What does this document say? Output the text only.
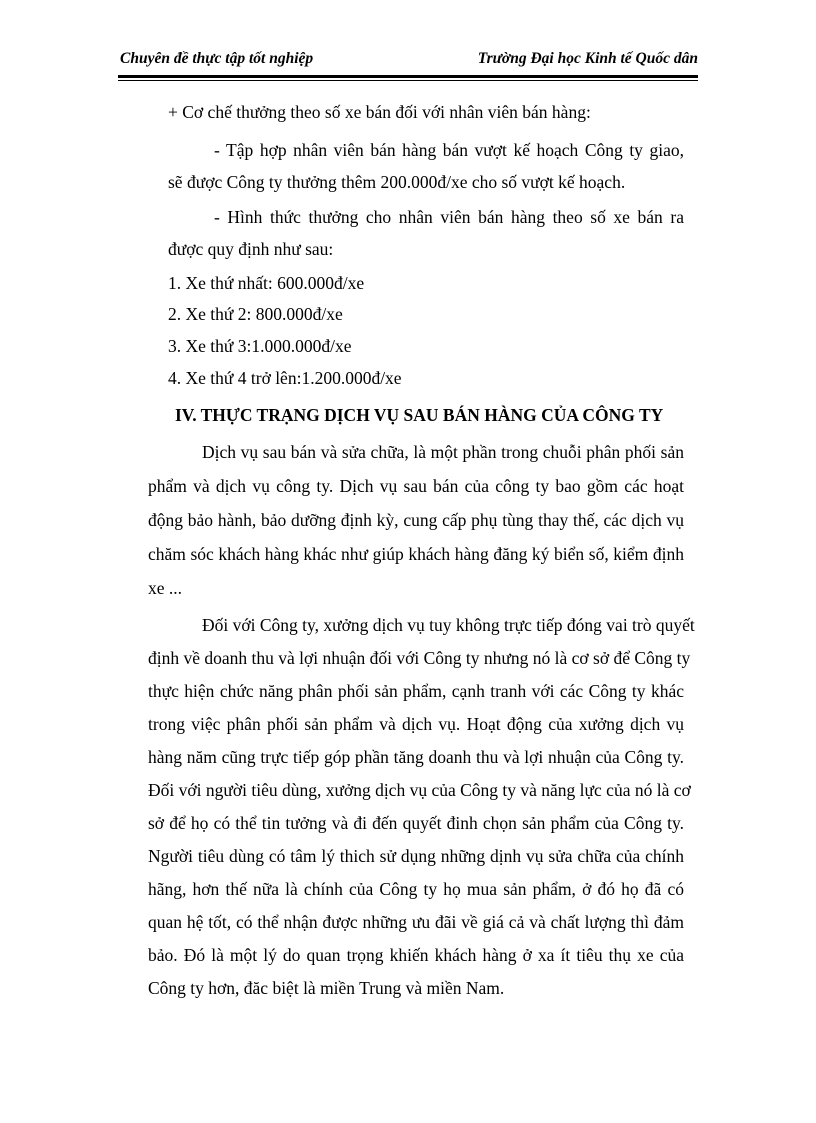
Chuyên đề thực tập tốt nghiệp	Trường Đại học Kinh tế Quốc dân
+ Cơ chế thưởng theo số xe bán đối với nhân viên bán hàng:
- Tập hợp nhân viên bán hàng bán vượt kế hoạch Công ty giao,
sẽ được Công ty thưởng thêm 200.000đ/xe cho số vượt kế hoạch.
- Hình thức thưởng cho nhân viên bán hàng theo số xe bán ra
được quy định như sau:
1. Xe thứ nhất: 600.000đ/xe
2. Xe thứ 2: 800.000đ/xe
3. Xe thứ 3:1.000.000đ/xe
4. Xe thứ 4 trở lên:1.200.000đ/xe
IV. THỰC TRẠNG DỊCH VỤ SAU BÁN HÀNG CỦA CÔNG TY
Dịch vụ sau bán và sửa chữa, là một phần trong chuỗi phân phối sản
phẩm và dịch vụ công ty. Dịch vụ sau bán của công ty bao gồm các hoạt
động bảo hành, bảo dưỡng định kỳ, cung cấp phụ tùng thay thế, các dịch vụ
chăm sóc khách hàng khác như giúp khách hàng đăng ký biển số, kiểm định
xe ...
Đối với Công ty, xưởng dịch vụ tuy không trực tiếp đóng vai trò quyết
định về doanh thu và lợi nhuận đối với Công ty nhưng nó là cơ sở để Công ty
thực hiện chức năng phân phối sản phẩm, cạnh tranh với các Công ty khác
trong việc phân phối sản phẩm và dịch vụ. Hoạt động của xưởng dịch vụ
hàng năm cũng trực tiếp góp phần tăng doanh thu và lợi nhuận của Công ty.
Đối với người tiêu dùng, xưởng dịch vụ của Công ty và năng lực của nó là cơ
sở để họ có thể tin tưởng và đi đến quyết đinh chọn sản phẩm của Công ty.
Người tiêu dùng có tâm lý thich sử dụng những dịnh vụ sửa chữa của chính
hãng, hơn thế nữa là chính của Công ty họ mua sản phẩm, ở đó họ đã có
quan hệ tốt, có thể nhận được những ưu đãi về giá cả và chất lượng thì đảm
bảo. Đó là một lý do quan trọng khiến khách hàng ở xa ít tiêu thụ xe của
Công ty hơn, đăc biệt là miền Trung và miền Nam.
